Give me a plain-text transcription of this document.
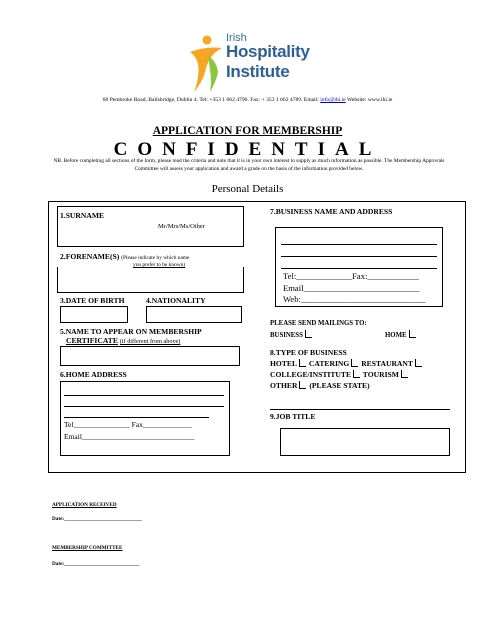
Irish
Hospitality
Institute
68 Pembroke Road, Ballsbridge, Dublin 4. Tel: +353 1 662 4790. Fax: + 353 1 662 4789. Email: info@ihi.ie Website: www.ihi.ie
APPLICATION FOR MEMBERSHIP
CONFIDENTIAL
NB. Before completing all sections of the form, please read the criteria and note that it is in your own interest to supply as much information as possible. The Membership Approvals Committee will assess your application and award a grade on the basis of the information provided below.
Personal Details
1.SURNAME
Mr/Mrs/Ms/Other
2.FORENAME(S) (Please indicate by which name
you prefer to be known)
3.DATE OF BIRTH	4.NATIONALITY
5.NAME TO APPEAR ON MEMBERSHIP
CERTIFICATE (if different from above)
6.HOME ADDRESS
Tel_______________ Fax_____________
Email______________________________
7.BUSINESS NAME AND ADDRESS
Tel:_____________Fax:____________
Email___________________________
Web:_____________________________
PLEASE SEND MAILINGS TO:
BUSINESS	HOME
8.TYPE OF BUSINESS
HOTEL CATERING RESTAURANT
COLLEGE/INSTITUTE TOURISM
OTHER (PLEASE STATE)
9.JOB TITLE
APPLICATION RECEIVED
Date:______________________________
MEMBERSHIP COMMITTEE
Date:_____________________________
